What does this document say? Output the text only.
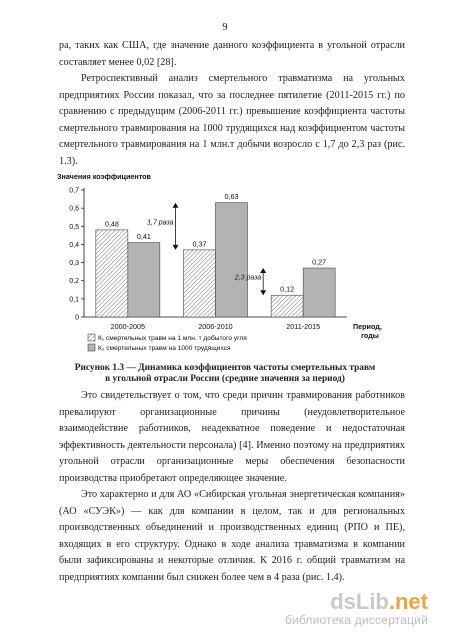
9

ра, таких как США, где значение данного коэффициента в угольной отрасли составляет менее 0,02 [28].

Ретроспективный анализ смертельного травматизма на угольных предприятиях России показал, что за последнее пятилетие (2011-2015 гг.) по сравнению с предыдущим (2006-2011 гг.) превышение коэффициента частоты смертельного травмирования на 1000 трудящихся над коэффициентом частоты смертельного травмирования на 1 млн.т добычи возросло с 1,7 до 2,3 раз (рис. 1.3).

Значения коэффициентов
0
0,1
0,2
0,3
0,4
0,5
0,6
0,7
0,48
0,41
2000-2005
0,37
0,63
2006-2010
0,12
0,27
2011-2015	Период,
годы
1,7 раза
2,3 раза
К₁ смертельных травм на 1 млн. т добытого угля
К₂ смертельных травм на 1000 трудящихся
Рисунок 1.3 — Динамика коэффициентов частоты смертельных травм
в угольной отрасли России (средние значения за период)

Это свидетельствует о том, что среди причин травмирования работников превалируют организационные причины (неудовлетворительное взаимодействие работников, неадекватное поведение и недостаточная эффективность деятельности персонала) [4]. Именно поэтому на предприятиях угольной отрасли организационные меры обеспечения безопасности производства приобретают определяющее значение.

Это характерно и для АО «Сибирская угольная энергетическая компания» (АО «СУЭК») — как для компании в целом, так и для региональных производственных объединений и производственных единиц (РПО и ПЕ), входящих в его структуру. Однако в ходе анализа травматизма в компании были зафиксированы и некоторые отличия. К 2016 г. общий травматизм на предприятиях компании был снижен более чем в 4 раза (рис. 1.4).

dsLib.net
библиотека диссертаций
